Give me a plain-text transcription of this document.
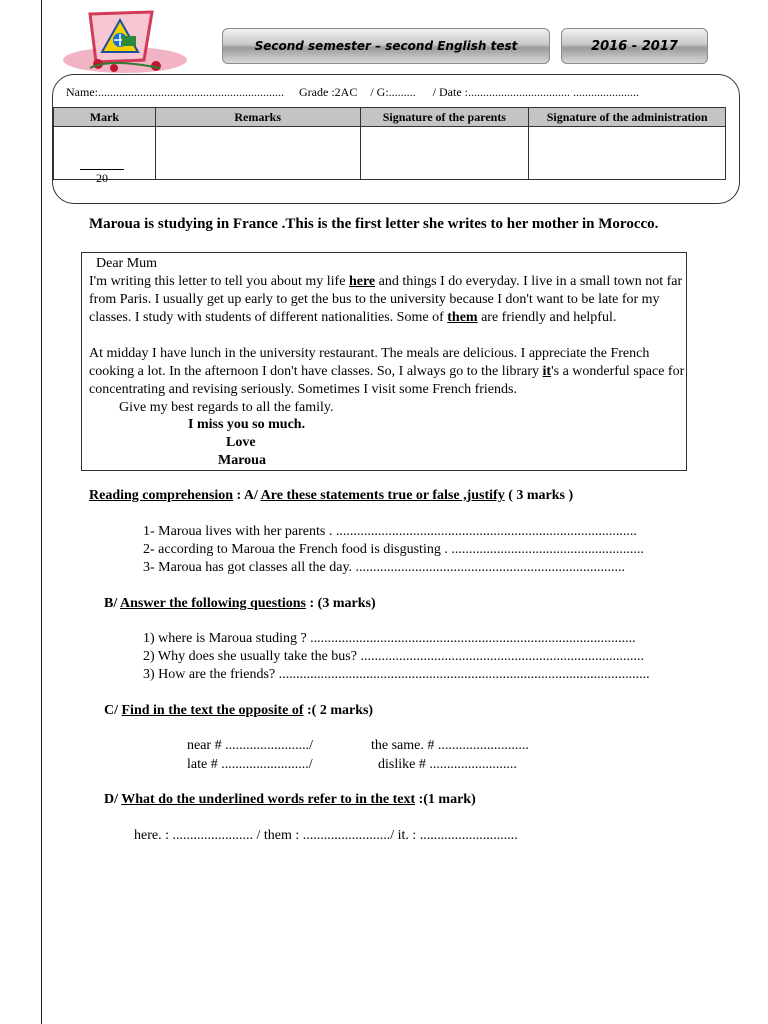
Second semester – second English test	2016 - 2017
Name:.............................................................. Grade :2AC / G:......... / Date :.................................. ......................
Mark	Remarks	Signature of the parents	Signature of the administration

20			

Maroua is studying in France .This is the first letter she writes to her mother in Morocco.
Dear Mum
I'm writing this letter to tell you about my life here and things I do everyday. I live in a small town not far from Paris. I usually get up early to get the bus to the university because I don't want to be late for my classes. I study with students of different nationalities. Some of them are friendly and helpful.
At midday I have lunch in the university restaurant. The meals are delicious. I appreciate the French cooking a lot. In the afternoon I don't have classes. So, I always go to the library it's a wonderful space for concentrating and revising seriously. Sometimes I visit some French friends.
Give my best regards to all the family.
I miss you so much.
Love
Maroua
Reading comprehension : A/ Are these statements true or false ,justify ( 3 marks )
1- Maroua lives with her parents . ......................................................................................
2- according to Maroua the French food is disgusting . .......................................................
3- Maroua has got classes all the day. .............................................................................
B/ Answer the following questions : (3 marks)
1) where is Maroua studing ? .............................................................................................
2) Why does she usually take the bus? .................................................................................
3) How are the friends? ..........................................................................................................
C/ Find in the text the opposite of :( 2 marks)
near # ......................../	the same. # ..........................
late # ........................./	dislike # .........................
D/ What do the underlined words refer to in the text :(1 mark)
here. : ....................... / them : ........................./ it. : ............................
